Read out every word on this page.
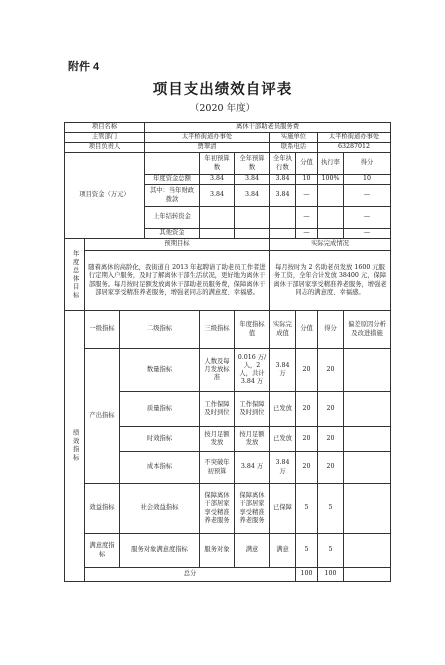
附件 4
项目支出绩效自评表
（2020 年度）
项目名称			离休干部助老员服务费						
主管部门			太平桥街道办事处			实施单位		太平桥街道办事处	
项目负责人			贾翠清			联系电话		63287012	
项目资金（万元）				年初预算数	全年预算数	全年执行数	分值	执行率	得分
			年度资金总额	3.84	3.84	3.84	10	100%	10
			其中：当年财政拨款	3.84	3.84	3.84	—		—
			上年结转资金				—		—
			其他资金				—		—
年度总体目标	预期目标					实际完成情况			
	随着离休的高龄化，我街道自 2013 年起聘请了助老员工作者进行定期入户服务，及时了解离休干部生活状况，更好地为离休干部服务。每月按时足额发放离休干部助老员服务费，保障离休干部居家享受精准养老服务，增强老同志的满意度、幸福感。					每月按时为 2 名助老员发放 1600 元服务工资，全年合计发放 38400 元，保障离休干部居家享受精准养老服务，增强老同志的满意度、幸福感。			
绩效指标	一级指标	二级指标		三级指标	年度指标值	实际完成值	分值	得分	偏差原因分析及改进措施
	产出指标	数量指标		人数及每月发放标准	0.016 万/人，2 人，共计 3.84 万	3.84 万	20	20	
		质量指标		工作保障及时到位	工作保障及时到位	已发放	20	20	
		时效指标		按月足额发放	按月足额发放	已发放	20	20	
		成本指标		不突破年初预算	3.84 万	3.84 万	20	20	
	效益指标	社会效益指标		保障离休干部居家享受精准养老服务	保障离休干部居家享受精准养老服务	已保障	5	5	
	满意度指标	服务对象满意度指标		服务对象	满意	满意	5	5	
	总分						100	100	
